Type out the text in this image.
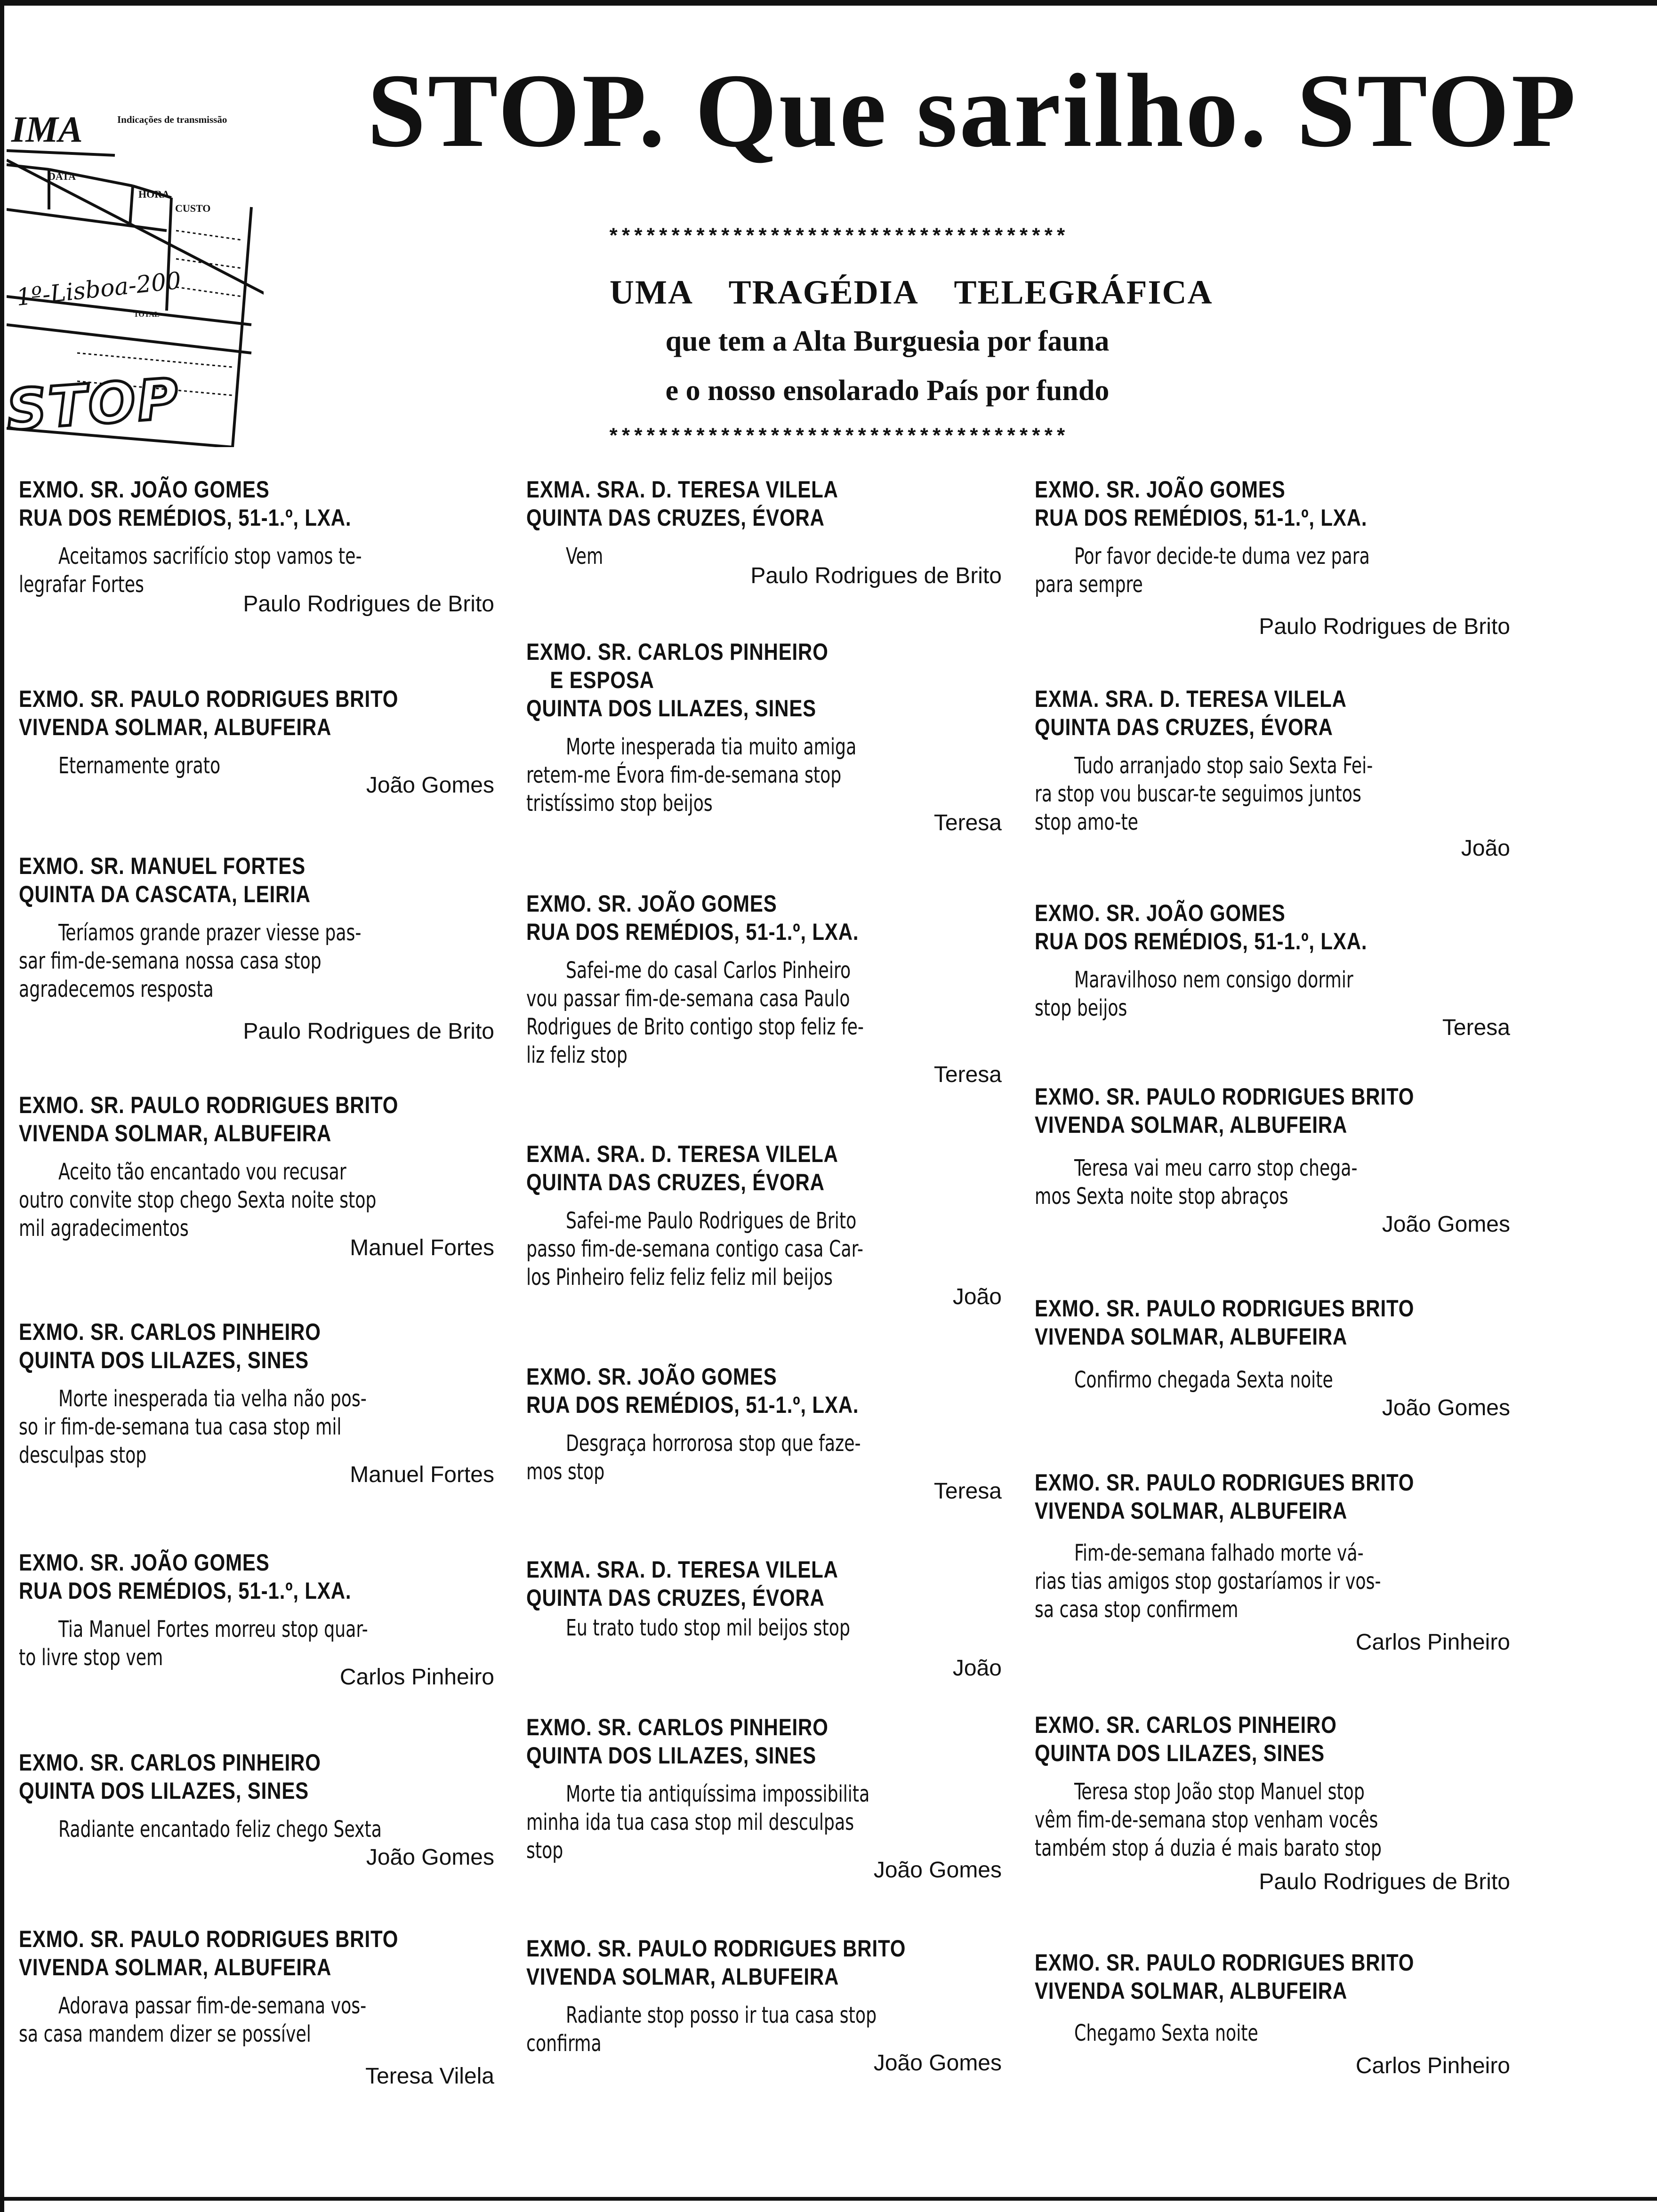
IMA	Indicações de transmissão
DATA
HORA
CUSTO
TOTAL
1º-Lisboa-200
STOP
STOP. Que sarilho. STOP
*************************************
UMA TRAGÉDIA TELEGRÁFICA
que tem a Alta Burguesia por fauna
e o nosso ensolarado País por fundo
*************************************
EXMO. SR. JOÃO GOMES
RUA DOS REMÉDIOS, 51-1.º, LXA.
Aceitamos sacrifício stop vamos te-
legrafar Fortes
Paulo Rodrigues de Brito
EXMO. SR. PAULO RODRIGUES BRITO
VIVENDA SOLMAR, ALBUFEIRA
Eternamente grato
João Gomes
EXMO. SR. MANUEL FORTES
QUINTA DA CASCATA, LEIRIA
Teríamos grande prazer viesse pas-
sar fim-de-semana nossa casa stop
agradecemos resposta
Paulo Rodrigues de Brito
EXMO. SR. PAULO RODRIGUES BRITO
VIVENDA SOLMAR, ALBUFEIRA
Aceito tão encantado vou recusar
outro convite stop chego Sexta noite stop
mil agradecimentos
Manuel Fortes
EXMO. SR. CARLOS PINHEIRO
QUINTA DOS LILAZES, SINES
Morte inesperada tia velha não pos-
so ir fim-de-semana tua casa stop mil
desculpas stop
Manuel Fortes
EXMO. SR. JOÃO GOMES
RUA DOS REMÉDIOS, 51-1.º, LXA.
Tia Manuel Fortes morreu stop quar-
to livre stop vem
Carlos Pinheiro
EXMO. SR. CARLOS PINHEIRO
QUINTA DOS LILAZES, SINES
Radiante encantado feliz chego Sexta
João Gomes
EXMO. SR. PAULO RODRIGUES BRITO
VIVENDA SOLMAR, ALBUFEIRA
Adorava passar fim-de-semana vos-
sa casa mandem dizer se possível
Teresa Vilela
EXMA. SRA. D. TERESA VILELA
QUINTA DAS CRUZES, ÉVORA
Vem
Paulo Rodrigues de Brito
EXMO. SR. CARLOS PINHEIRO
E ESPOSA
QUINTA DOS LILAZES, SINES
Morte inesperada tia muito amiga
retem-me Évora fim-de-semana stop
tristíssimo stop beijos
Teresa
EXMO. SR. JOÃO GOMES
RUA DOS REMÉDIOS, 51-1.º, LXA.
Safei-me do casal Carlos Pinheiro
vou passar fim-de-semana casa Paulo
Rodrigues de Brito contigo stop feliz fe-
liz feliz stop
Teresa
EXMA. SRA. D. TERESA VILELA
QUINTA DAS CRUZES, ÉVORA
Safei-me Paulo Rodrigues de Brito
passo fim-de-semana contigo casa Car-
los Pinheiro feliz feliz feliz mil beijos
João
EXMO. SR. JOÃO GOMES
RUA DOS REMÉDIOS, 51-1.º, LXA.
Desgraça horrorosa stop que faze-
mos stop
Teresa
EXMA. SRA. D. TERESA VILELA
QUINTA DAS CRUZES, ÉVORA
Eu trato tudo stop mil beijos stop
João
EXMO. SR. CARLOS PINHEIRO
QUINTA DOS LILAZES, SINES
Morte tia antiquíssima impossibilita
minha ida tua casa stop mil desculpas
stop
João Gomes
EXMO. SR. PAULO RODRIGUES BRITO
VIVENDA SOLMAR, ALBUFEIRA
Radiante stop posso ir tua casa stop
confirma
João Gomes
EXMO. SR. JOÃO GOMES
RUA DOS REMÉDIOS, 51-1.º, LXA.
Por favor decide-te duma vez para
para sempre
Paulo Rodrigues de Brito
EXMA. SRA. D. TERESA VILELA
QUINTA DAS CRUZES, ÉVORA
Tudo arranjado stop saio Sexta Fei-
ra stop vou buscar-te seguimos juntos
stop amo-te
João
EXMO. SR. JOÃO GOMES
RUA DOS REMÉDIOS, 51-1.º, LXA.
Maravilhoso nem consigo dormir
stop beijos
Teresa
EXMO. SR. PAULO RODRIGUES BRITO
VIVENDA SOLMAR, ALBUFEIRA
Teresa vai meu carro stop chega-
mos Sexta noite stop abraços
João Gomes
EXMO. SR. PAULO RODRIGUES BRITO
VIVENDA SOLMAR, ALBUFEIRA
Confirmo chegada Sexta noite
João Gomes
EXMO. SR. PAULO RODRIGUES BRITO
VIVENDA SOLMAR, ALBUFEIRA
Fim-de-semana falhado morte vá-
rias tias amigos stop gostaríamos ir vos-
sa casa stop confirmem
Carlos Pinheiro
EXMO. SR. CARLOS PINHEIRO
QUINTA DOS LILAZES, SINES
Teresa stop João stop Manuel stop
vêm fim-de-semana stop venham vocês
também stop á duzia é mais barato stop
Paulo Rodrigues de Brito
EXMO. SR. PAULO RODRIGUES BRITO
VIVENDA SOLMAR, ALBUFEIRA
Chegamo Sexta noite
Carlos Pinheiro
